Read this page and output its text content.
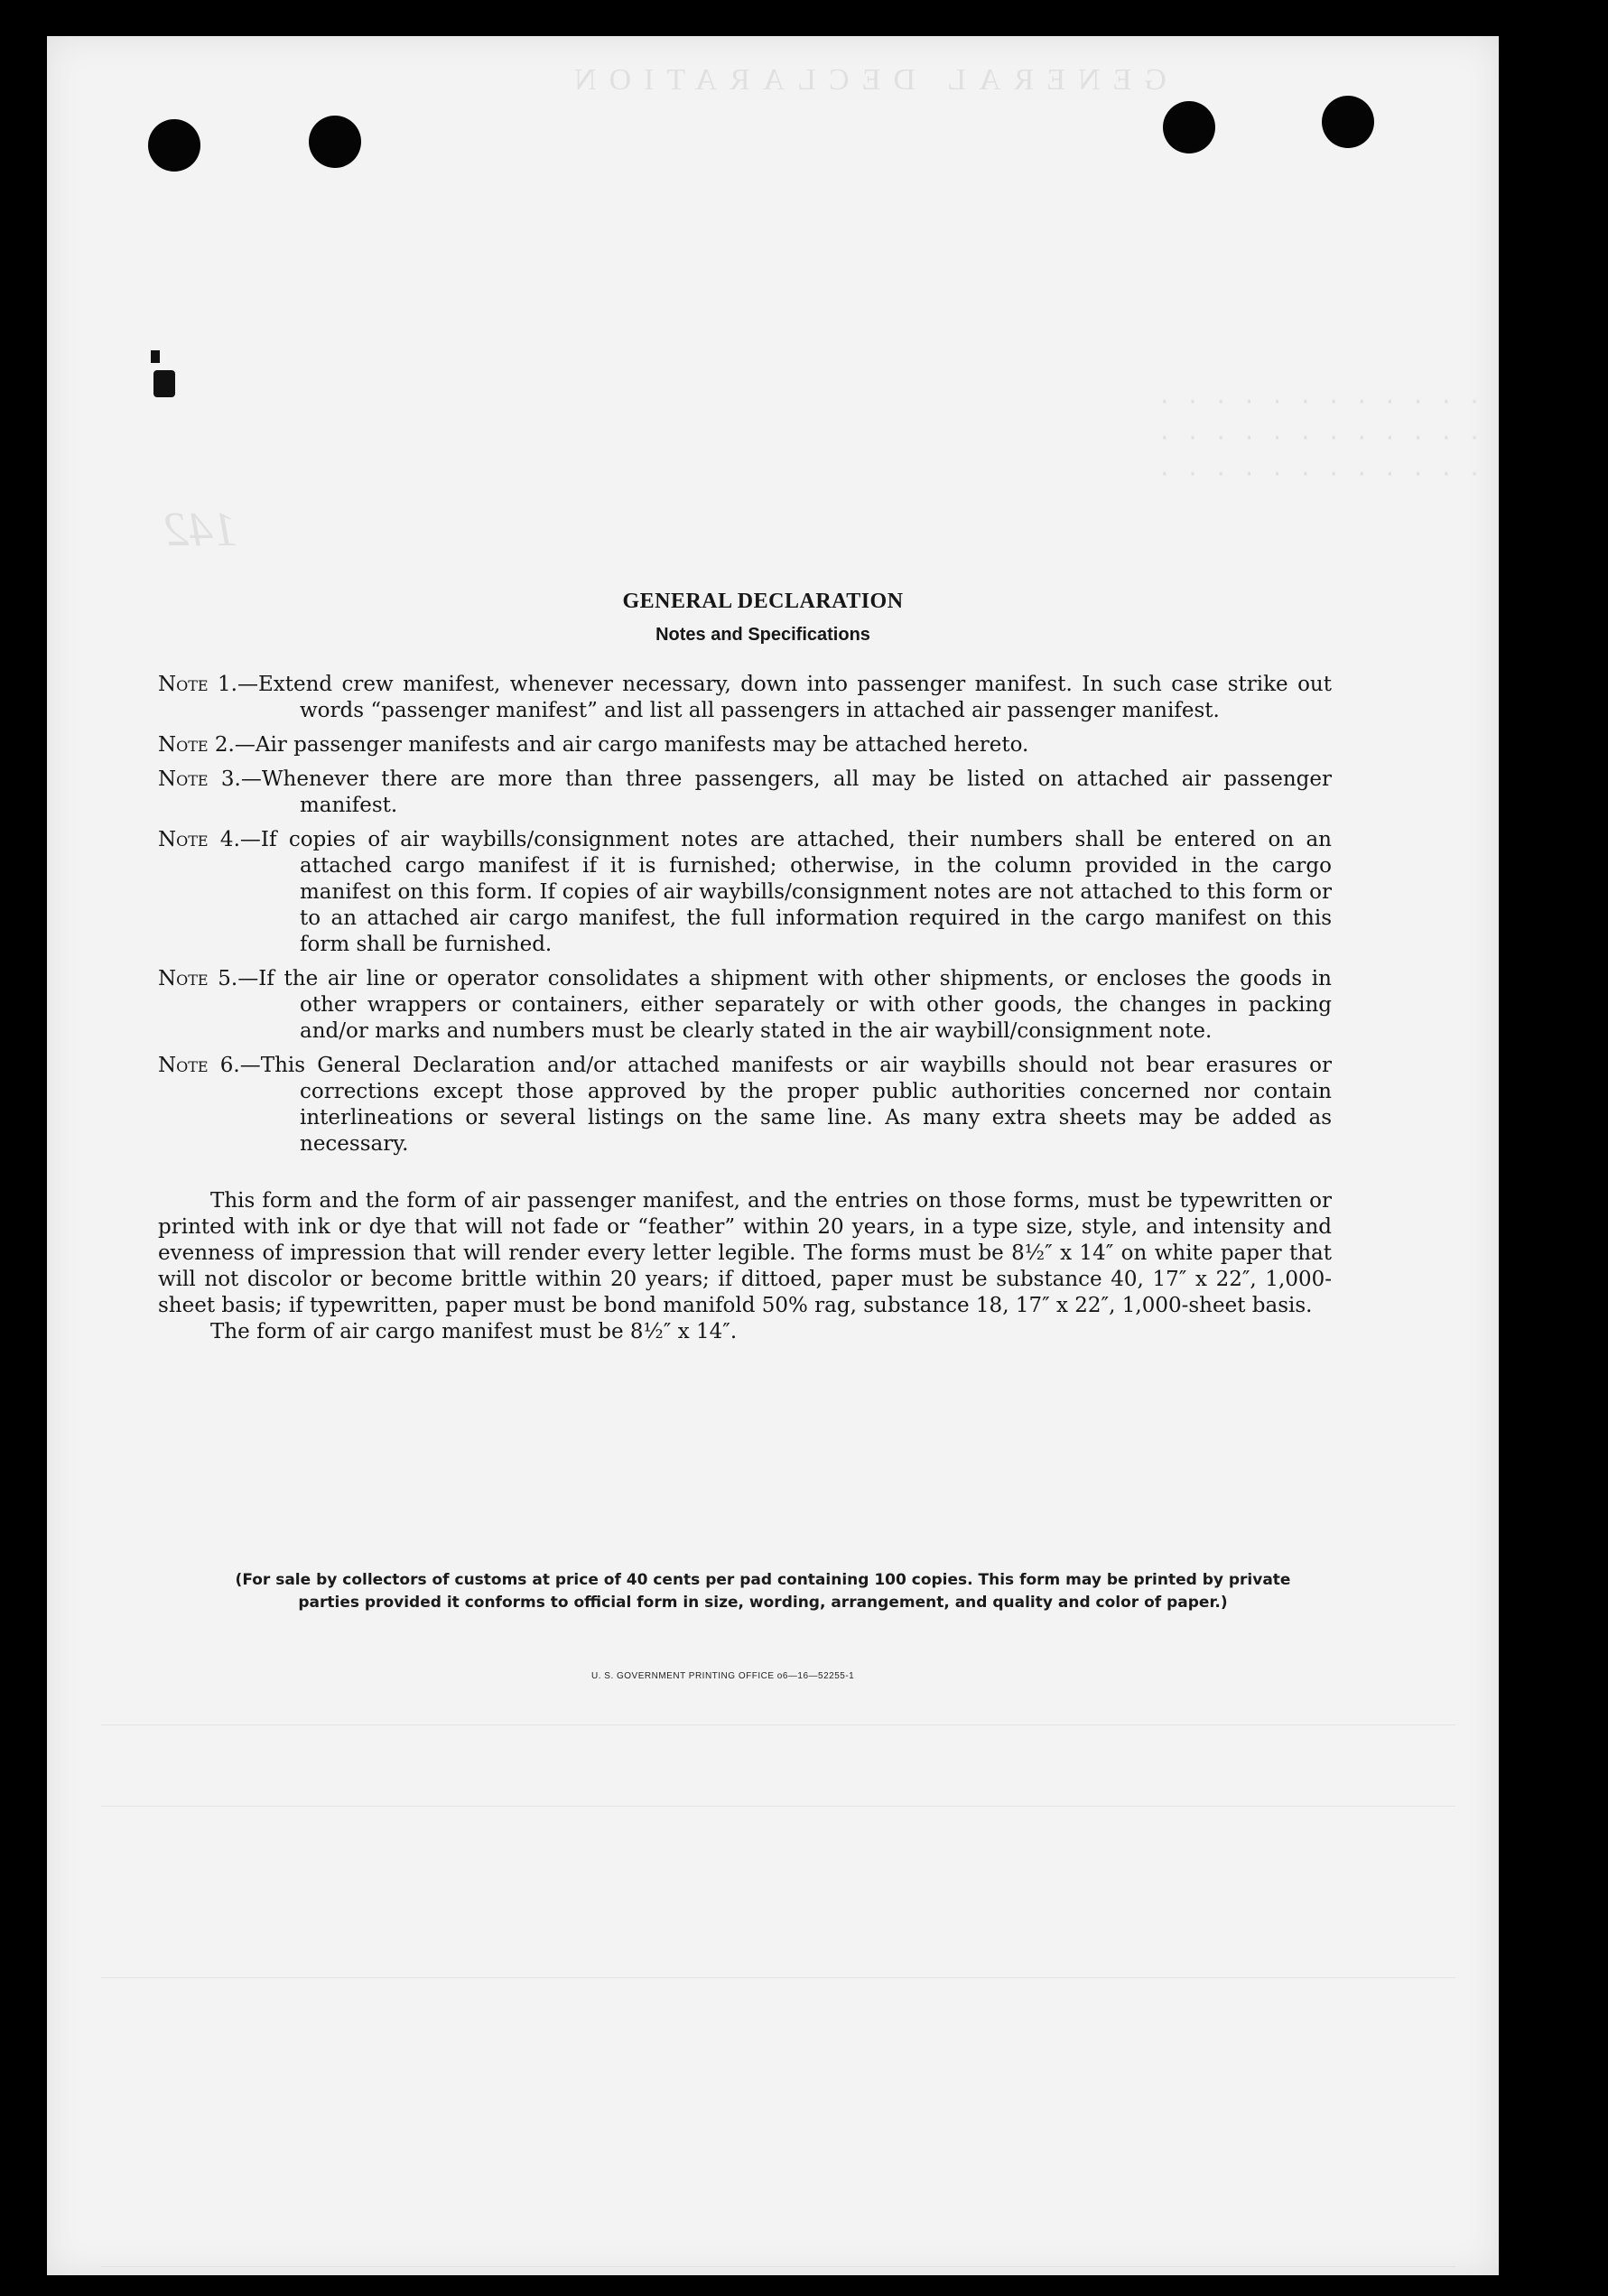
GENERAL DECLARATION
· · · · · · · · · · · ·
· · · · · · · · · · · ·
· · · · · · · · · · · ·
142
GENERAL DECLARATION
Notes and Specifications
Note 1.—Extend crew manifest, whenever necessary, down into passenger manifest. In such case strike out words “passenger manifest” and list all passengers in attached air passenger manifest.
Note 2.—Air passenger manifests and air cargo manifests may be attached hereto.
Note 3.—Whenever there are more than three passengers, all may be listed on attached air passenger manifest.
Note 4.—If copies of air waybills/consignment notes are attached, their numbers shall be entered on an attached cargo manifest if it is furnished; otherwise, in the column provided in the cargo manifest on this form. If copies of air waybills/consignment notes are not attached to this form or to an attached air cargo manifest, the full information required in the cargo manifest on this form shall be furnished.
Note 5.—If the air line or operator consolidates a shipment with other shipments, or encloses the goods in other wrappers or containers, either separately or with other goods, the changes in packing and/or marks and numbers must be clearly stated in the air waybill/consignment note.
Note 6.—This General Declaration and/or attached manifests or air waybills should not bear erasures or corrections except those approved by the proper public authorities concerned nor contain interlineations or several listings on the same line. As many extra sheets may be added as necessary.
This form and the form of air passenger manifest, and the entries on those forms, must be typewritten or printed with ink or dye that will not fade or “feather” within 20 years, in a type size, style, and intensity and evenness of impression that will render every letter legible. The forms must be 8½″ x 14″ on white paper that will not discolor or become brittle within 20 years; if dittoed, paper must be substance 40, 17″ x 22″, 1,000-sheet basis; if typewritten, paper must be bond manifold 50% rag, substance 18, 17″ x 22″, 1,000-sheet basis.
The form of air cargo manifest must be 8½″ x 14″.
(For sale by collectors of customs at price of 40 cents per pad containing 100 copies. This form may be printed by private parties provided it conforms to official form in size, wording, arrangement, and quality and color of paper.)
U. S. GOVERNMENT PRINTING OFFICE o6—16—52255-1
